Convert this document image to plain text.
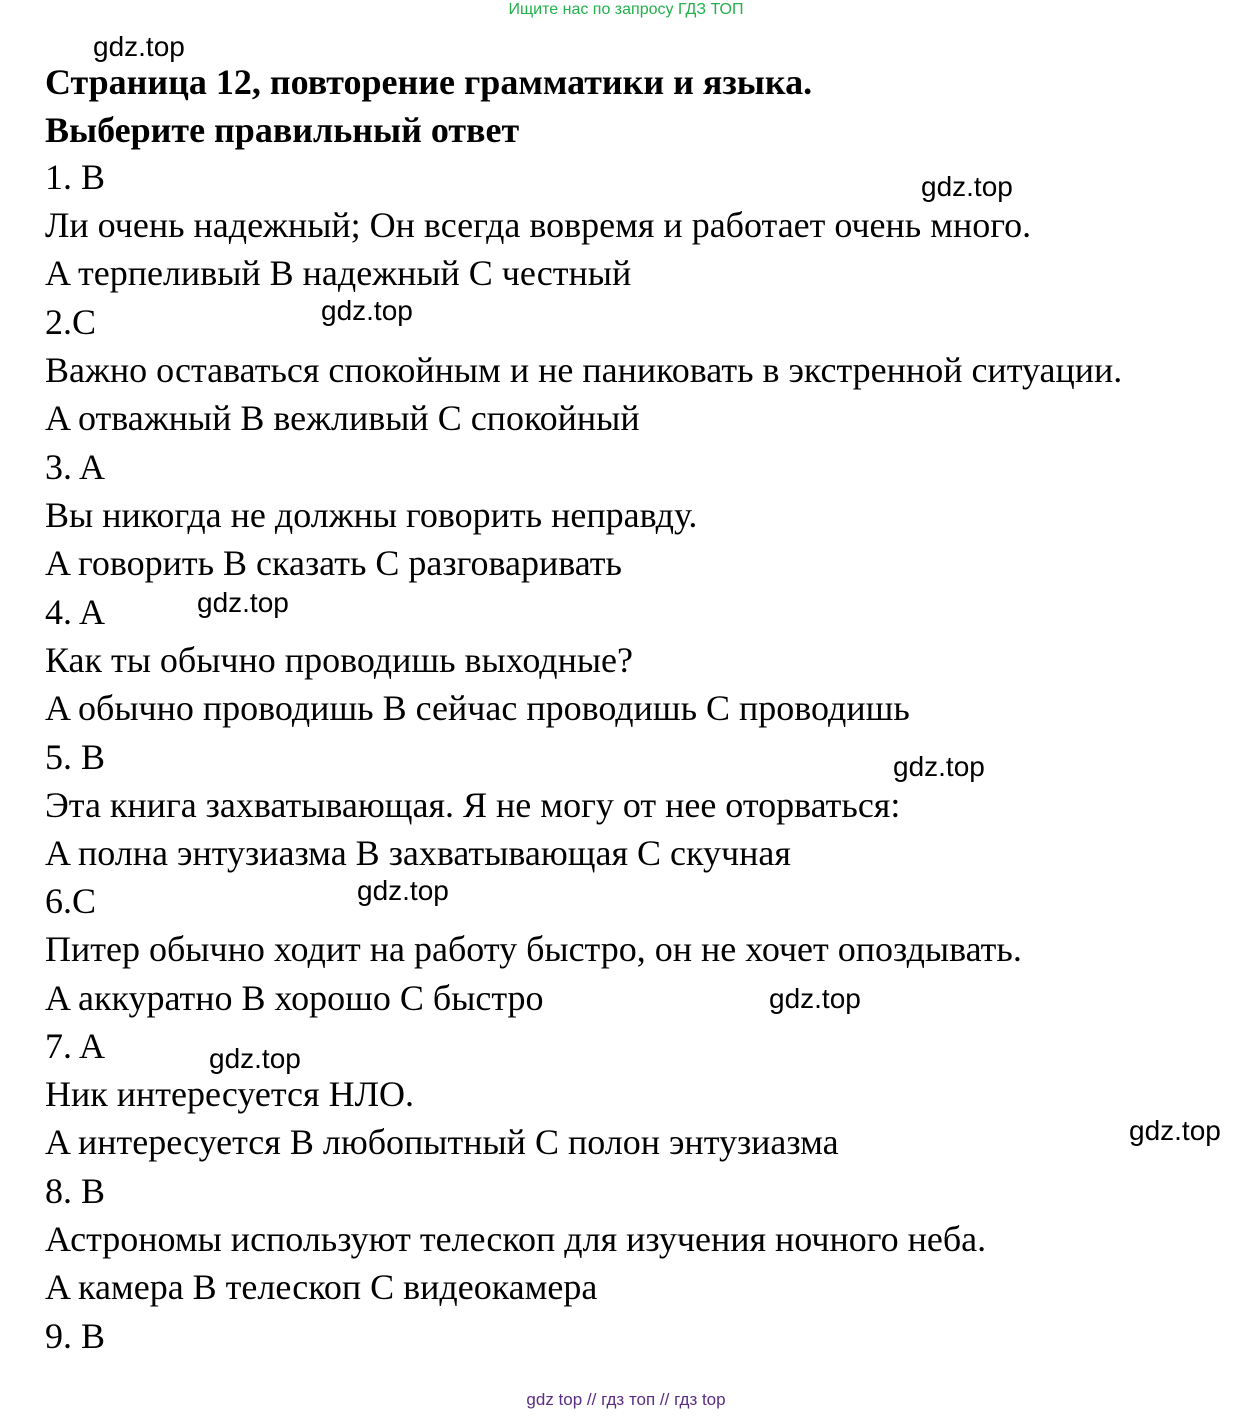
Ищите нас по запросу ГДЗ ТОП
Страница 12, повторение грамматики и языка.
Выберите правильный ответ
1. B
Ли очень надежный; Он всегда вовремя и работает очень много.
A терпеливый B надежный C честный
2.C
Важно оставаться спокойным и не паниковать в экстренной ситуации.
A отважный B вежливый C спокойный
3. A
Вы никогда не должны говорить неправду.
A говорить B сказать C разговаривать
4. A
Как ты обычно проводишь выходные?
A обычно проводишь B сейчас проводишь C проводишь
5. B
Эта книга захватывающая. Я не могу от нее оторваться:
A полна энтузиазма B захватывающая C скучная
6.C
Питер обычно ходит на работу быстро, он не хочет опоздывать.
A аккуратно B хорошо C быстро
7. A
Ник интересуется НЛО.
A интересуется B любопытный C полон энтузиазма
8. B
Астрономы используют телескоп для изучения ночного неба.
A камера B телескоп C видеокамера
9. B
gdz.top
gdz.top
gdz.top
gdz.top
gdz.top
gdz.top
gdz.top
gdz.top
gdz.top
gdz top // гдз топ // гдз top
